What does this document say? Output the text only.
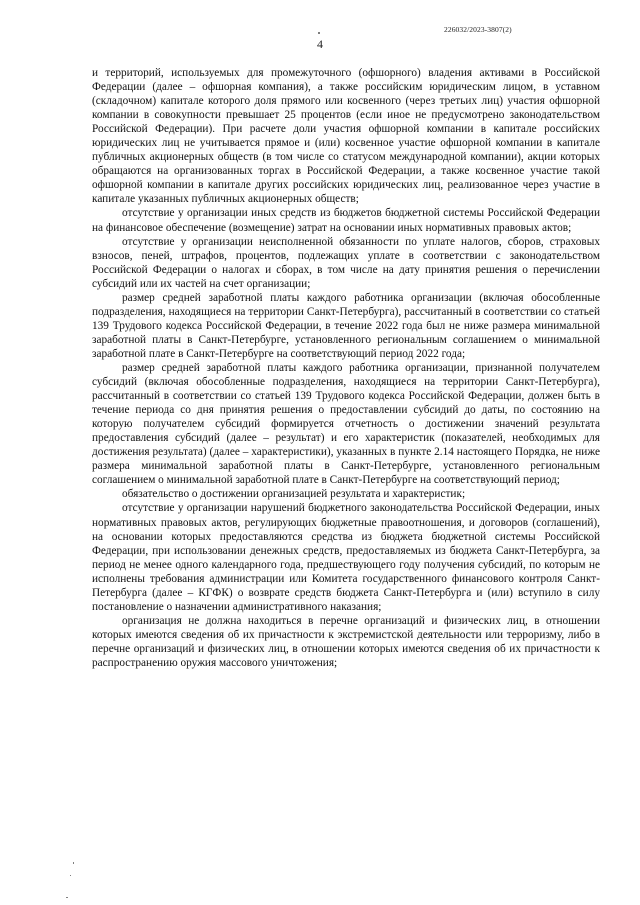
226032/2023-3807(2)
4

и территорий, используемых для промежуточного (офшорного) владения активами в Российской Федерации (далее – офшорная компания), а также российским юридическим лицом, в уставном (складочном) капитале которого доля прямого или косвенного (через третьих лиц) участия офшорной компании в совокупности превышает 25 процентов (если иное не предусмотрено законодательством Российской Федерации). При расчете доли участия офшорной компании в капитале российских юридических лиц не учитывается прямое и (или) косвенное участие офшорной компании в капитале публичных акционерных обществ (в том числе со статусом международной компании), акции которых обращаются на организованных торгах в Российской Федерации, а также косвенное участие такой офшорной компании в капитале других российских юридических лиц, реализованное через участие в капитале указанных публичных акционерных обществ;

отсутствие у организации иных средств из бюджетов бюджетной системы Российской Федерации на финансовое обеспечение (возмещение) затрат на основании иных нормативных правовых актов;

отсутствие у организации неисполненной обязанности по уплате налогов, сборов, страховых взносов, пеней, штрафов, процентов, подлежащих уплате в соответствии с законодательством Российской Федерации о налогах и сборах, в том числе на дату принятия решения о перечислении субсидий или их частей на счет организации;

размер средней заработной платы каждого работника организации (включая обособленные подразделения, находящиеся на территории Санкт-Петербурга), рассчитанный в соответствии со статьей 139 Трудового кодекса Российской Федерации, в течение 2022 года был не ниже размера минимальной заработной платы в Санкт-Петербурге, установленного региональным соглашением о минимальной заработной плате в Санкт-Петербурге на соответствующий период 2022 года;

размер средней заработной платы каждого работника организации, признанной получателем субсидий (включая обособленные подразделения, находящиеся на территории Санкт-Петербурга), рассчитанный в соответствии со статьей 139 Трудового кодекса Российской Федерации, должен быть в течение периода со дня принятия решения о предоставлении субсидий до даты, по состоянию на которую получателем субсидий формируется отчетность о достижении значений результата предоставления субсидий (далее – результат) и его характеристик (показателей, необходимых для достижения результата) (далее – характеристики), указанных в пункте 2.14 настоящего Порядка, не ниже размера минимальной заработной платы в Санкт-Петербурге, установленного региональным соглашением о минимальной заработной плате в Санкт-Петербурге на соответствующий период;

обязательство о достижении организацией результата и характеристик;

отсутствие у организации нарушений бюджетного законодательства Российской Федерации, иных нормативных правовых актов, регулирующих бюджетные правоотношения, и договоров (соглашений), на основании которых предоставляются средства из бюджета бюджетной системы Российской Федерации, при использовании денежных средств, предоставляемых из бюджета Санкт-Петербурга, за период не менее одного календарного года, предшествующего году получения субсидий, по которым не исполнены требования администрации или Комитета государственного финансового контроля Санкт-Петербурга (далее – КГФК) о возврате средств бюджета Санкт-Петербурга и (или) вступило в силу постановление о назначении административного наказания;

организация не должна находиться в перечне организаций и физических лиц, в отношении которых имеются сведения об их причастности к экстремистской деятельности или терроризму, либо в перечне организаций и физических лиц, в отношении которых имеются сведения об их причастности к распространению оружия массового уничтожения;
